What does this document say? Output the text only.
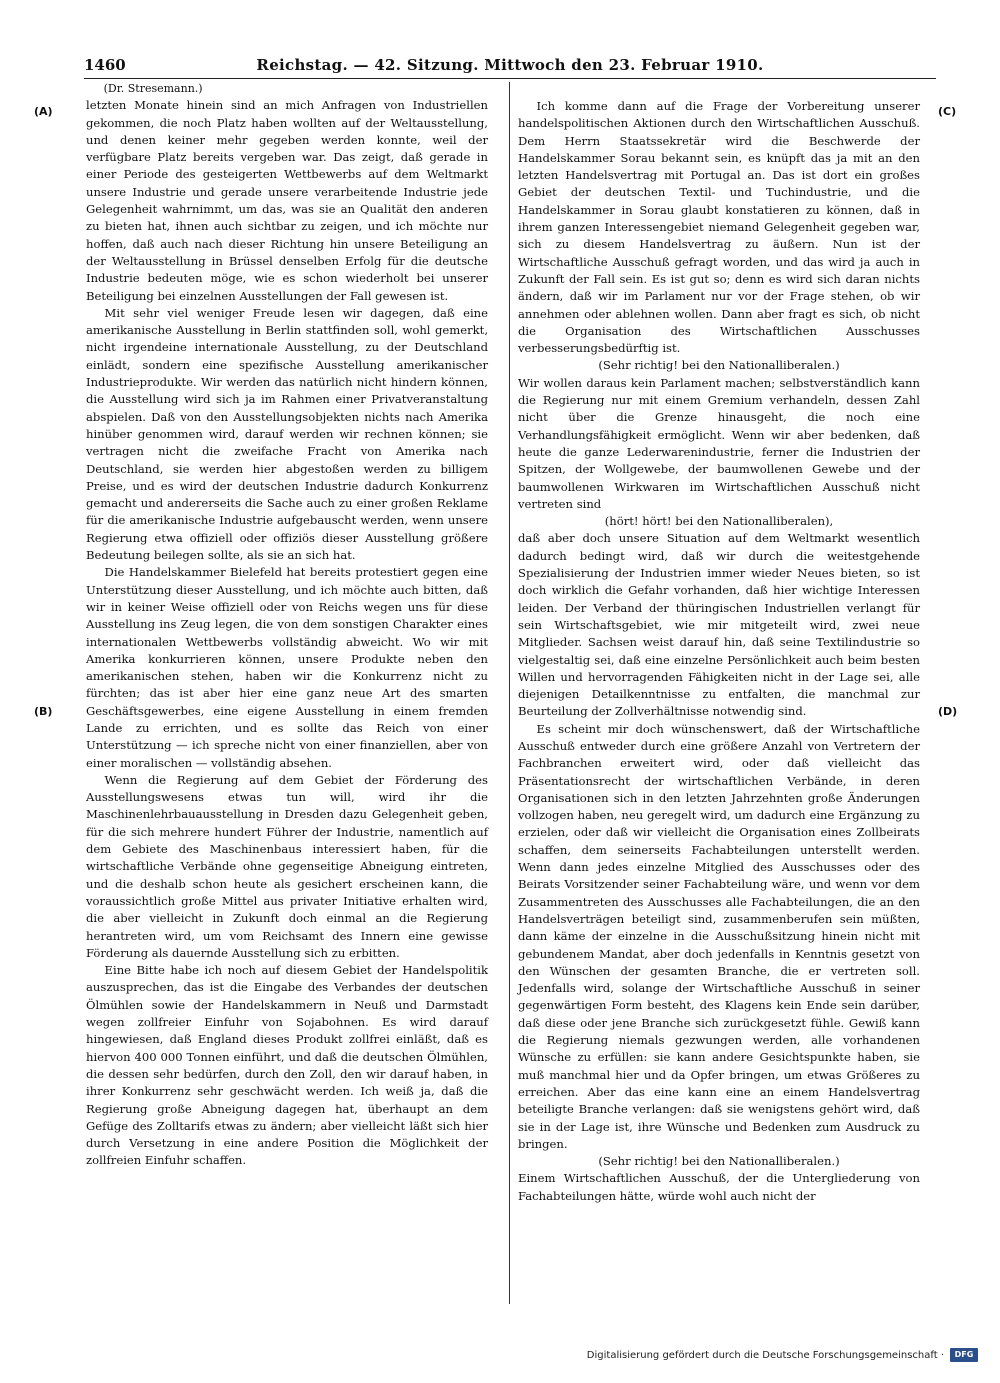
1460	Reichstag. — 42. Sitzung. Mittwoch den 23. Februar 1910.
(A)
(B)
(C)
(D)

(Dr. Stresemann.)

letzten Monate hinein sind an mich Anfragen von Industriellen gekommen, die noch Platz haben wollten auf der Weltausstellung, und denen keiner mehr gegeben werden konnte, weil der verfügbare Platz bereits vergeben war. Das zeigt, daß gerade in einer Periode des gesteigerten Wettbewerbs auf dem Weltmarkt unsere Industrie und gerade unsere verarbeitende Industrie jede Gelegenheit wahrnimmt, um das, was sie an Qualität den anderen zu bieten hat, ihnen auch sichtbar zu zeigen, und ich möchte nur hoffen, daß auch nach dieser Richtung hin unsere Beteiligung an der Weltausstellung in Brüssel denselben Erfolg für die deutsche Industrie bedeuten möge, wie es schon wiederholt bei unserer Beteiligung bei einzelnen Ausstellungen der Fall gewesen ist.

Mit sehr viel weniger Freude lesen wir dagegen, daß eine amerikanische Ausstellung in Berlin stattfinden soll, wohl gemerkt, nicht irgendeine internationale Ausstellung, zu der Deutschland einlädt, sondern eine spezifische Ausstellung amerikanischer Industrieprodukte. Wir werden das natürlich nicht hindern können, die Ausstellung wird sich ja im Rahmen einer Privatveranstaltung abspielen. Daß von den Ausstellungsobjekten nichts nach Amerika hinüber genommen wird, darauf werden wir rechnen können; sie vertragen nicht die zweifache Fracht von Amerika nach Deutschland, sie werden hier abgestoßen werden zu billigem Preise, und es wird der deutschen Industrie dadurch Konkurrenz gemacht und andererseits die Sache auch zu einer großen Reklame für die amerikanische Industrie aufgebauscht werden, wenn unsere Regierung etwa offiziell oder offiziös dieser Ausstellung größere Bedeutung beilegen sollte, als sie an sich hat.

Die Handelskammer Bielefeld hat bereits protestiert gegen eine Unterstützung dieser Ausstellung, und ich möchte auch bitten, daß wir in keiner Weise offiziell oder von Reichs wegen uns für diese Ausstellung ins Zeug legen, die von dem sonstigen Charakter eines internationalen Wettbewerbs vollständig abweicht. Wo wir mit Amerika konkurrieren können, unsere Produkte neben den amerikanischen stehen, haben wir die Konkurrenz nicht zu fürchten; das ist aber hier eine ganz neue Art des smarten Geschäftsgewerbes, eine eigene Ausstellung in einem fremden Lande zu errichten, und es sollte das Reich von einer Unterstützung — ich spreche nicht von einer finanziellen, aber von einer moralischen — vollständig absehen.

Wenn die Regierung auf dem Gebiet der Förderung des Ausstellungswesens etwas tun will, wird ihr die Maschinenlehrbauausstellung in Dresden dazu Gelegenheit geben, für die sich mehrere hundert Führer der Industrie, namentlich auf dem Gebiete des Maschinenbaus interessiert haben, für die wirtschaftliche Verbände ohne gegenseitige Abneigung eintreten, und die deshalb schon heute als gesichert erscheinen kann, die voraussichtlich große Mittel aus privater Initiative erhalten wird, die aber vielleicht in Zukunft doch einmal an die Regierung herantreten wird, um vom Reichsamt des Innern eine gewisse Förderung als dauernde Ausstellung sich zu erbitten.

Eine Bitte habe ich noch auf diesem Gebiet der Handelspolitik auszusprechen, das ist die Eingabe des Verbandes der deutschen Ölmühlen sowie der Handelskammern in Neuß und Darmstadt wegen zollfreier Einfuhr von Sojabohnen. Es wird darauf hingewiesen, daß England dieses Produkt zollfrei einläßt, daß es hiervon 400 000 Tonnen einführt, und daß die deutschen Ölmühlen, die dessen sehr bedürfen, durch den Zoll, den wir darauf haben, in ihrer Konkurrenz sehr geschwächt werden. Ich weiß ja, daß die Regierung große Abneigung dagegen hat, überhaupt an dem Gefüge des Zolltarifs etwas zu ändern; aber vielleicht läßt sich hier durch Versetzung in eine andere Position die Möglichkeit der zollfreien Einfuhr schaffen.

Ich komme dann auf die Frage der Vorbereitung unserer handelspolitischen Aktionen durch den Wirtschaftlichen Ausschuß. Dem Herrn Staatssekretär wird die Beschwerde der Handelskammer Sorau bekannt sein, es knüpft das ja mit an den letzten Handelsvertrag mit Portugal an. Das ist dort ein großes Gebiet der deutschen Textil- und Tuchindustrie, und die Handelskammer in Sorau glaubt konstatieren zu können, daß in ihrem ganzen Interessengebiet niemand Gelegenheit gegeben war, sich zu diesem Handelsvertrag zu äußern. Nun ist der Wirtschaftliche Ausschuß gefragt worden, und das wird ja auch in Zukunft der Fall sein. Es ist gut so; denn es wird sich daran nichts ändern, daß wir im Parlament nur vor der Frage stehen, ob wir annehmen oder ablehnen wollen. Dann aber fragt es sich, ob nicht die Organisation des Wirtschaftlichen Ausschusses verbesserungsbedürftig ist.

(Sehr richtig! bei den Nationalliberalen.)

Wir wollen daraus kein Parlament machen; selbstverständlich kann die Regierung nur mit einem Gremium verhandeln, dessen Zahl nicht über die Grenze hinausgeht, die noch eine Verhandlungsfähigkeit ermöglicht. Wenn wir aber bedenken, daß heute die ganze Lederwarenindustrie, ferner die Industrien der Spitzen, der Wollgewebe, der baumwollenen Gewebe und der baumwollenen Wirkwaren im Wirtschaftlichen Ausschuß nicht vertreten sind

(hört! hört! bei den Nationalliberalen),

daß aber doch unsere Situation auf dem Weltmarkt wesentlich dadurch bedingt wird, daß wir durch die weitestgehende Spezialisierung der Industrien immer wieder Neues bieten, so ist doch wirklich die Gefahr vorhanden, daß hier wichtige Interessen leiden. Der Verband der thüringischen Industriellen verlangt für sein Wirtschaftsgebiet, wie mir mitgeteilt wird, zwei neue Mitglieder. Sachsen weist darauf hin, daß seine Textilindustrie so vielgestaltig sei, daß eine einzelne Persönlichkeit auch beim besten Willen und hervorragenden Fähigkeiten nicht in der Lage sei, alle diejenigen Detailkenntnisse zu entfalten, die manchmal zur Beurteilung der Zollverhältnisse notwendig sind.

Es scheint mir doch wünschenswert, daß der Wirtschaftliche Ausschuß entweder durch eine größere Anzahl von Vertretern der Fachbranchen erweitert wird, oder daß vielleicht das Präsentationsrecht der wirtschaftlichen Verbände, in deren Organisationen sich in den letzten Jahrzehnten große Änderungen vollzogen haben, neu geregelt wird, um dadurch eine Ergänzung zu erzielen, oder daß wir vielleicht die Organisation eines Zollbeirats schaffen, dem seinerseits Fachabteilungen unterstellt werden. Wenn dann jedes einzelne Mitglied des Ausschusses oder des Beirats Vorsitzender seiner Fachabteilung wäre, und wenn vor dem Zusammentreten des Ausschusses alle Fachabteilungen, die an den Handelsverträgen beteiligt sind, zusammenberufen sein müßten, dann käme der einzelne in die Ausschußsitzung hinein nicht mit gebundenem Mandat, aber doch jedenfalls in Kenntnis gesetzt von den Wünschen der gesamten Branche, die er vertreten soll. Jedenfalls wird, solange der Wirtschaftliche Ausschuß in seiner gegenwärtigen Form besteht, des Klagens kein Ende sein darüber, daß diese oder jene Branche sich zurückgesetzt fühle. Gewiß kann die Regierung niemals gezwungen werden, alle vorhandenen Wünsche zu erfüllen: sie kann andere Gesichtspunkte haben, sie muß manchmal hier und da Opfer bringen, um etwas Größeres zu erreichen. Aber das eine kann eine an einem Handelsvertrag beteiligte Branche verlangen: daß sie wenigstens gehört wird, daß sie in der Lage ist, ihre Wünsche und Bedenken zum Ausdruck zu bringen.

(Sehr richtig! bei den Nationalliberalen.)

Einem Wirtschaftlichen Ausschuß, der die Untergliederung von Fachabteilungen hätte, würde wohl auch nicht der

Digitalisierung gefördert durch die Deutsche Forschungsgemeinschaft ·	DFG
